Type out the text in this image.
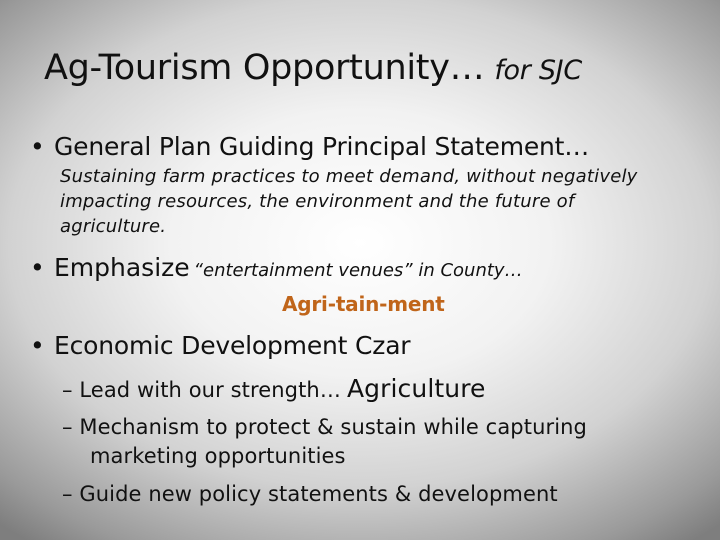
Ag-Tourism Opportunity… for SJC
• General Plan Guiding Principal Statement…
Sustaining farm practices to meet demand, without negatively
impacting resources, the environment and the future of
agriculture.
• Emphasize “entertainment venues” in County…
Agri-tain-ment
• Economic Development Czar
– Lead with our strength… Agriculture
– Mechanism to protect & sustain while capturing
marketing opportunities
– Guide new policy statements & development
